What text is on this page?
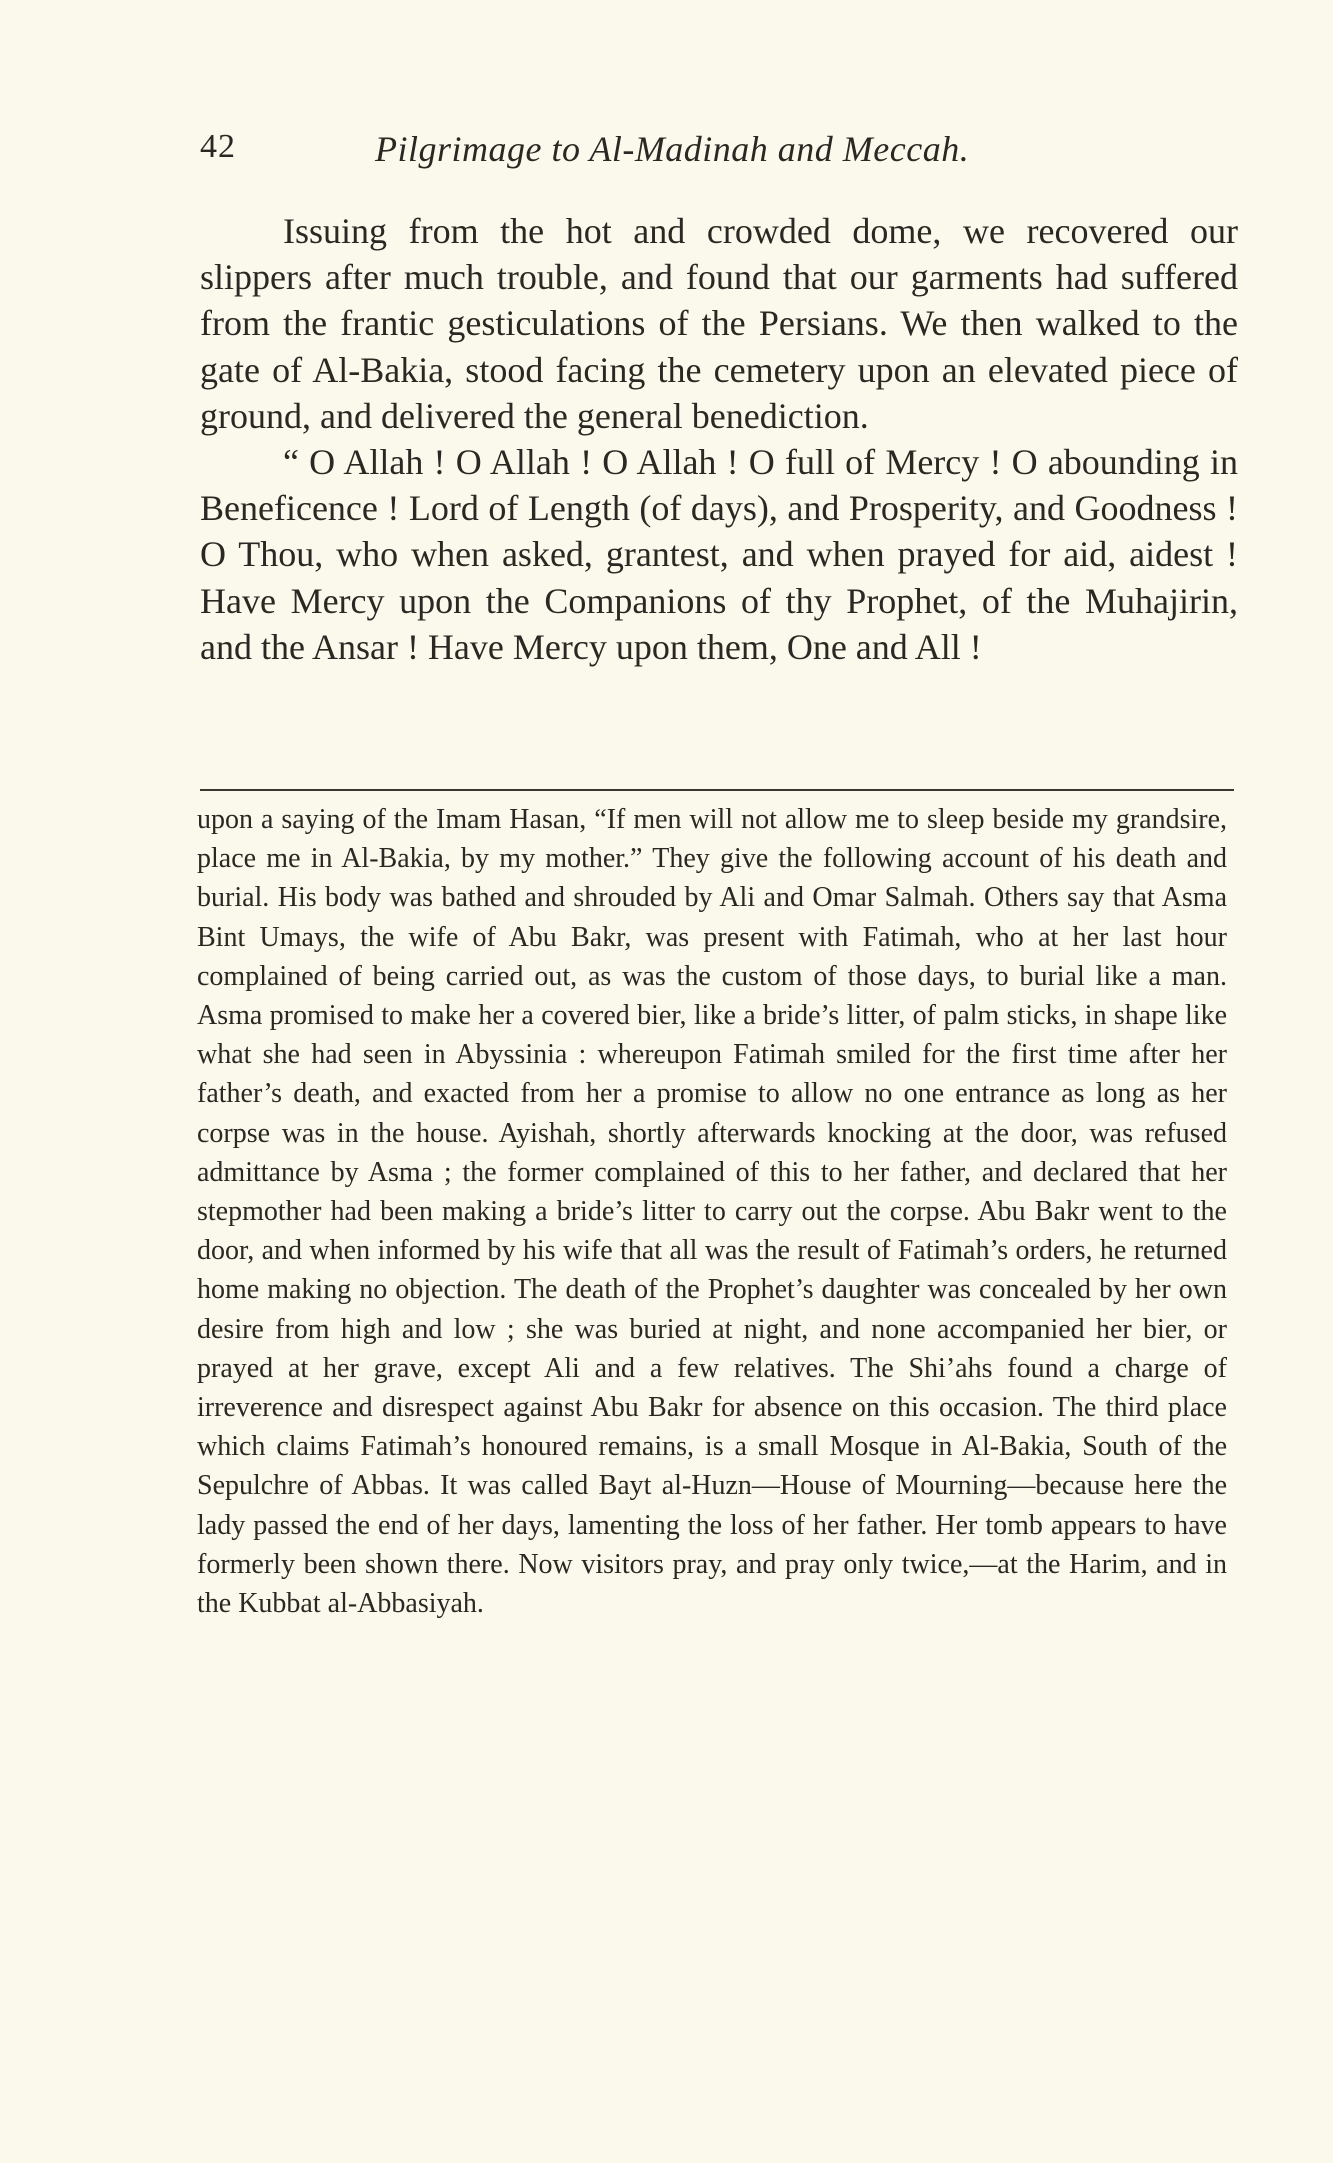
42	Pilgrimage to Al-Madinah and Meccah.

Issuing from the hot and crowded dome, we recovered our slippers after much trouble, and found that our garments had suffered from the frantic gesticulations of the Persians. We then walked to the gate of Al-Bakia, stood facing the cemetery upon an elevated piece of ground, and delivered the general benediction.

“ O Allah ! O Allah ! O Allah ! O full of Mercy ! O abounding in Beneficence ! Lord of Length (of days), and Prosperity, and Goodness ! O Thou, who when asked, grantest, and when prayed for aid, aidest ! Have Mercy upon the Companions of thy Prophet, of the Muhajirin, and the Ansar ! Have Mercy upon them, One and All !

upon a saying of the Imam Hasan, “If men will not allow me to sleep beside my grandsire, place me in Al-Bakia, by my mother.” They give the following account of his death and burial. His body was bathed and shrouded by Ali and Omar Salmah. Others say that Asma Bint Umays, the wife of Abu Bakr, was present with Fatimah, who at her last hour complained of being carried out, as was the custom of those days, to burial like a man. Asma promised to make her a covered bier, like a bride’s litter, of palm sticks, in shape like what she had seen in Abyssinia : whereupon Fatimah smiled for the first time after her father’s death, and exacted from her a promise to allow no one entrance as long as her corpse was in the house. Ayishah, shortly afterwards knocking at the door, was refused admittance by Asma ; the former complained of this to her father, and declared that her stepmother had been making a bride’s litter to carry out the corpse. Abu Bakr went to the door, and when informed by his wife that all was the result of Fatimah’s orders, he returned home making no objection. The death of the Prophet’s daughter was concealed by her own desire from high and low ; she was buried at night, and none accompanied her bier, or prayed at her grave, except Ali and a few relatives. The Shi’ahs found a charge of irreverence and disrespect against Abu Bakr for absence on this occasion. The third place which claims Fatimah’s honoured remains, is a small Mosque in Al-Bakia, South of the Sepulchre of Abbas. It was called Bayt al-Huzn—House of Mourning—because here the lady passed the end of her days, lamenting the loss of her father. Her tomb appears to have formerly been shown there. Now visitors pray, and pray only twice,—at the Harim, and in the Kubbat al-Abbasiyah.
